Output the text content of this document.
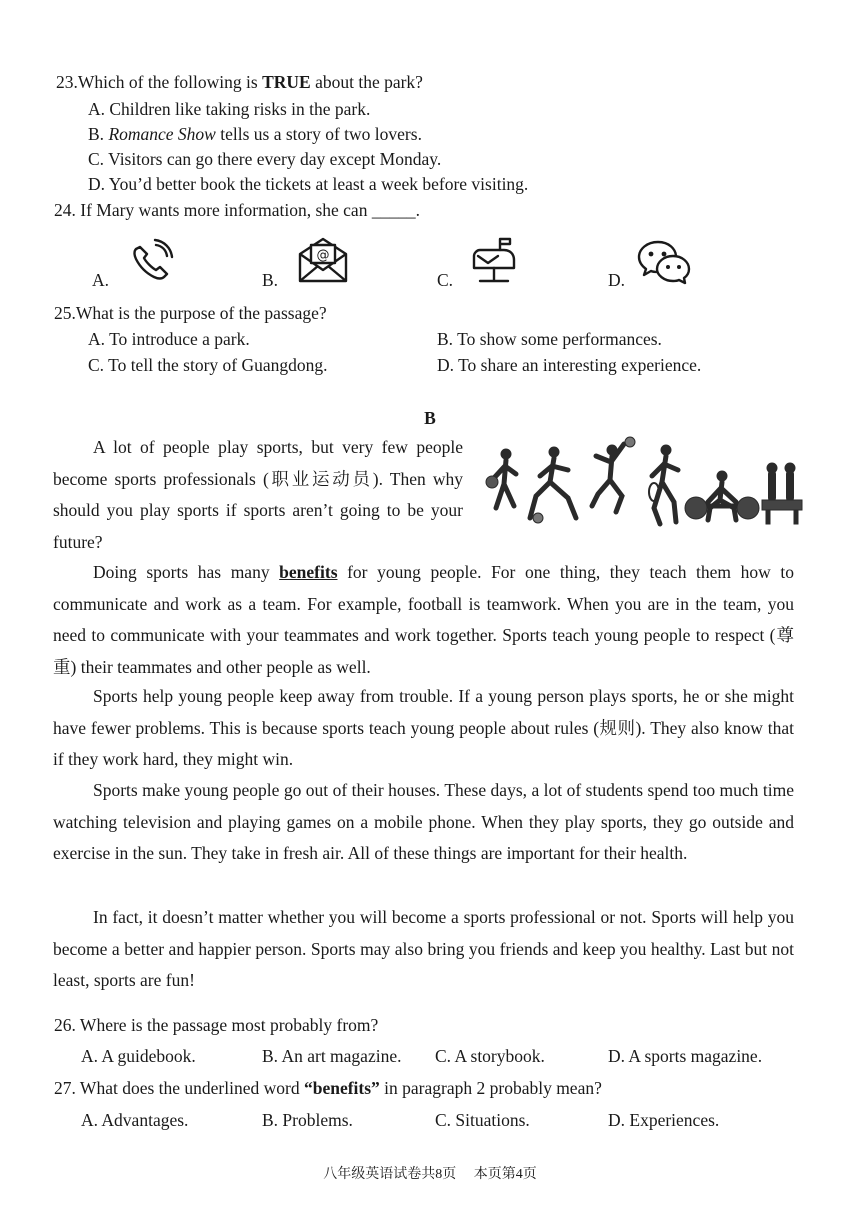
23.Which of the following is TRUE about the park?
A. Children like taking risks in the park.
B. Romance Show tells us a story of two lovers.
C. Visitors can go there every day except Monday.
D. You’d better book the tickets at least a week before visiting.
24. If Mary wants more information, she can _____.
A.	B.
@
C.	D.
25.What is the purpose of the passage?
A. To introduce a park.	B. To show some performances.
C. To tell the story of Guangdong.	D. To share an interesting experience.
B
A lot of people play sports, but very few people become sports professionals (职业运动员). Then why should you play sports if sports aren’t going to be your future?
Doing sports has many benefits for young people. For one thing, they teach them how to communicate and work as a team. For example, football is teamwork. When you are in the team, you need to communicate with your teammates and work together. Sports teach young people to respect (尊重) their teammates and other people as well.
Sports help young people keep away from trouble. If a young person plays sports, he or she might have fewer problems. This is because sports teach young people about rules (规则). They also know that if they work hard, they might win.
Sports make young people go out of their houses. These days, a lot of students spend too much time watching television and playing games on a mobile phone. When they play sports, they go outside and exercise in the sun. They take in fresh air. All of these things are important for their health.
In fact, it doesn’t matter whether you will become a sports professional or not. Sports will help you become a better and happier person. Sports may also bring you friends and keep you healthy. Last but not least, sports are fun!
26. Where is the passage most probably from?
A. A guidebook.	B. An art magazine. C. A storybook.	D. A sports magazine.
27. What does the underlined word “benefits” in paragraph 2 probably mean?
A. Advantages.	B. Problems.	C. Situations.	D. Experiences.
八年级英语试卷共8页　 本页第4页
